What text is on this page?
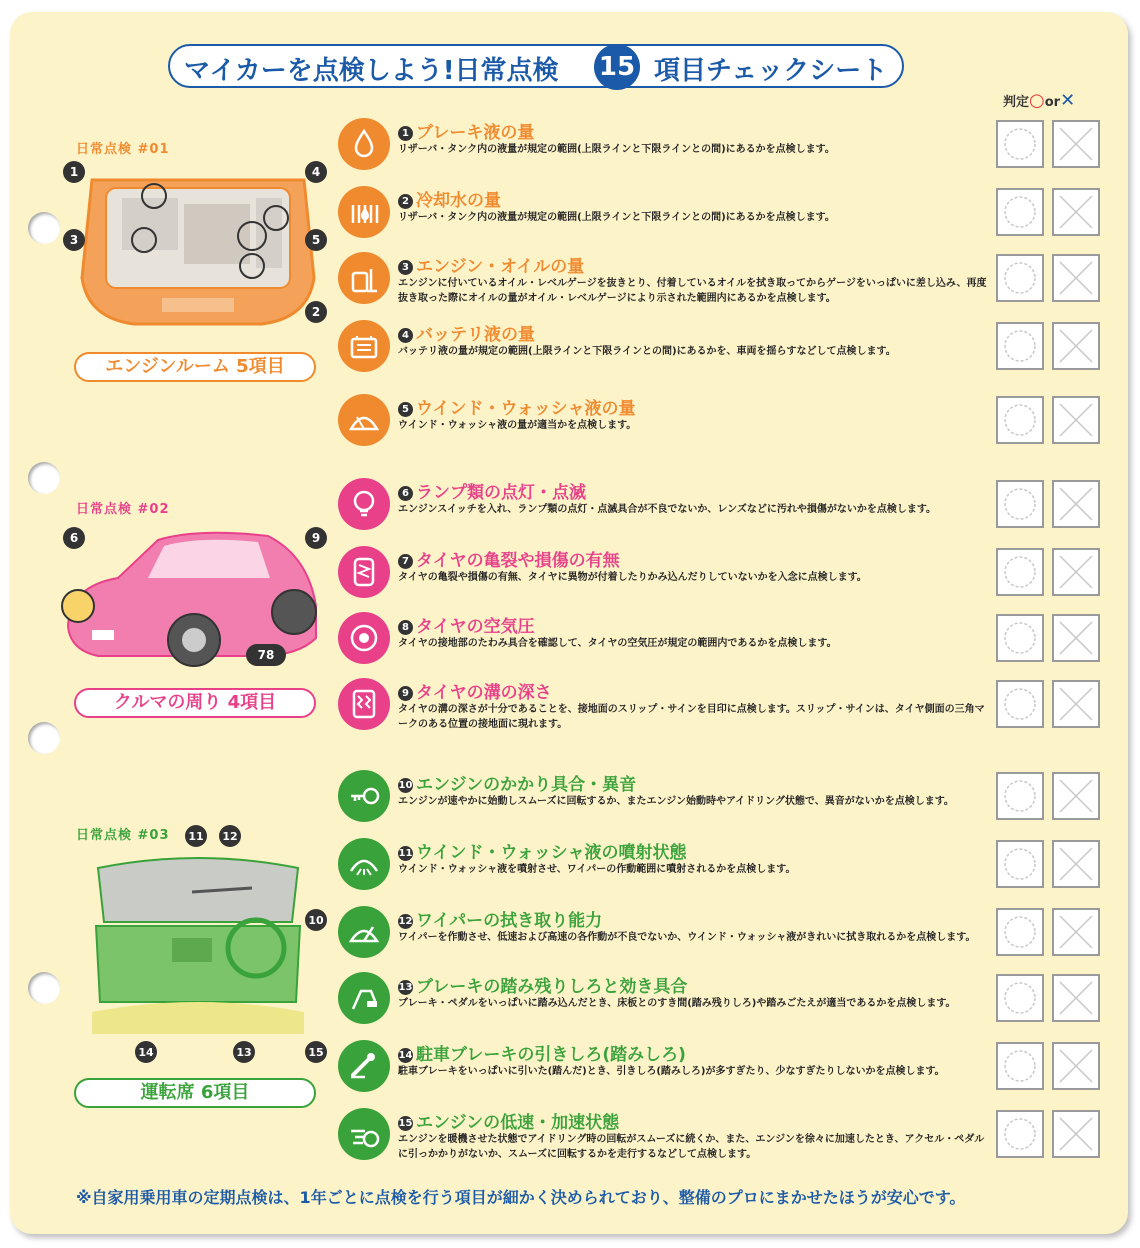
マイカーを点検しよう!日常点検 15 項目チェックシート
判定○or✕
日常点検 #01
1	4
3	5
2
エンジンルーム 5項目
日常点検 #02
6	9
78
クルマの周り 4項目
日常点検 #03 11 12
10
14	13	15
運転席 6項目
1 ブレーキ液の量
リザーバ・タンク内の液量が規定の範囲(上限ラインと下限ラインとの間)にあるかを点検します。
2 冷却水の量
リザーバ・タンク内の液量が規定の範囲(上限ラインと下限ラインとの間)にあるかを点検します。
3 エンジン・オイルの量
エンジンに付いているオイル・レベルゲージを抜きとり、付着しているオイルを拭き取ってからゲージをいっぱいに差し込み、再度抜き取った際にオイルの量がオイル・レベルゲージにより示された範囲内にあるかを点検します。
4 バッテリ液の量
バッテリ液の量が規定の範囲(上限ラインと下限ラインとの間)にあるかを、車両を揺らすなどして点検します。
5 ウインド・ウォッシャ液の量
ウインド・ウォッシャ液の量が適当かを点検します。
6 ランプ類の点灯・点滅
エンジンスイッチを入れ、ランプ類の点灯・点滅具合が不良でないか、レンズなどに汚れや損傷がないかを点検します。
7 タイヤの亀裂や損傷の有無
タイヤの亀裂や損傷の有無、タイヤに異物が付着したりかみ込んだりしていないかを入念に点検します。
8 タイヤの空気圧
タイヤの接地部のたわみ具合を確認して、タイヤの空気圧が規定の範囲内であるかを点検します。
9 タイヤの溝の深さ
タイヤの溝の深さが十分であることを、接地面のスリップ・サインを目印に点検します。スリップ・サインは、タイヤ側面の三角マークのある位置の接地面に現れます。
10 エンジンのかかり具合・異音
エンジンが速やかに始動しスムーズに回転するか、またエンジン始動時やアイドリング状態で、異音がないかを点検します。
11 ウインド・ウォッシャ液の噴射状態
ウインド・ウォッシャ液を噴射させ、ワイパーの作動範囲に噴射されるかを点検します。
12 ワイパーの拭き取り能力
ワイパーを作動させ、低速および高速の各作動が不良でないか、ウインド・ウォッシャ液がきれいに拭き取れるかを点検します。
13 ブレーキの踏み残りしろと効き具合
ブレーキ・ペダルをいっぱいに踏み込んだとき、床板とのすき間(踏み残りしろ)や踏みごたえが適当であるかを点検します。
14 駐車ブレーキの引きしろ(踏みしろ)
駐車ブレーキをいっぱいに引いた(踏んだ)とき、引きしろ(踏みしろ)が多すぎたり、少なすぎたりしないかを点検します。
15 エンジンの低速・加速状態
エンジンを暖機させた状態でアイドリング時の回転がスムーズに続くか、また、エンジンを徐々に加速したとき、アクセル・ペダルに引っかかりがないか、スムーズに回転するかを走行するなどして点検します。
※自家用乗用車の定期点検は、1年ごとに点検を行う項目が細かく決められており、整備のプロにまかせたほうが安心です。
